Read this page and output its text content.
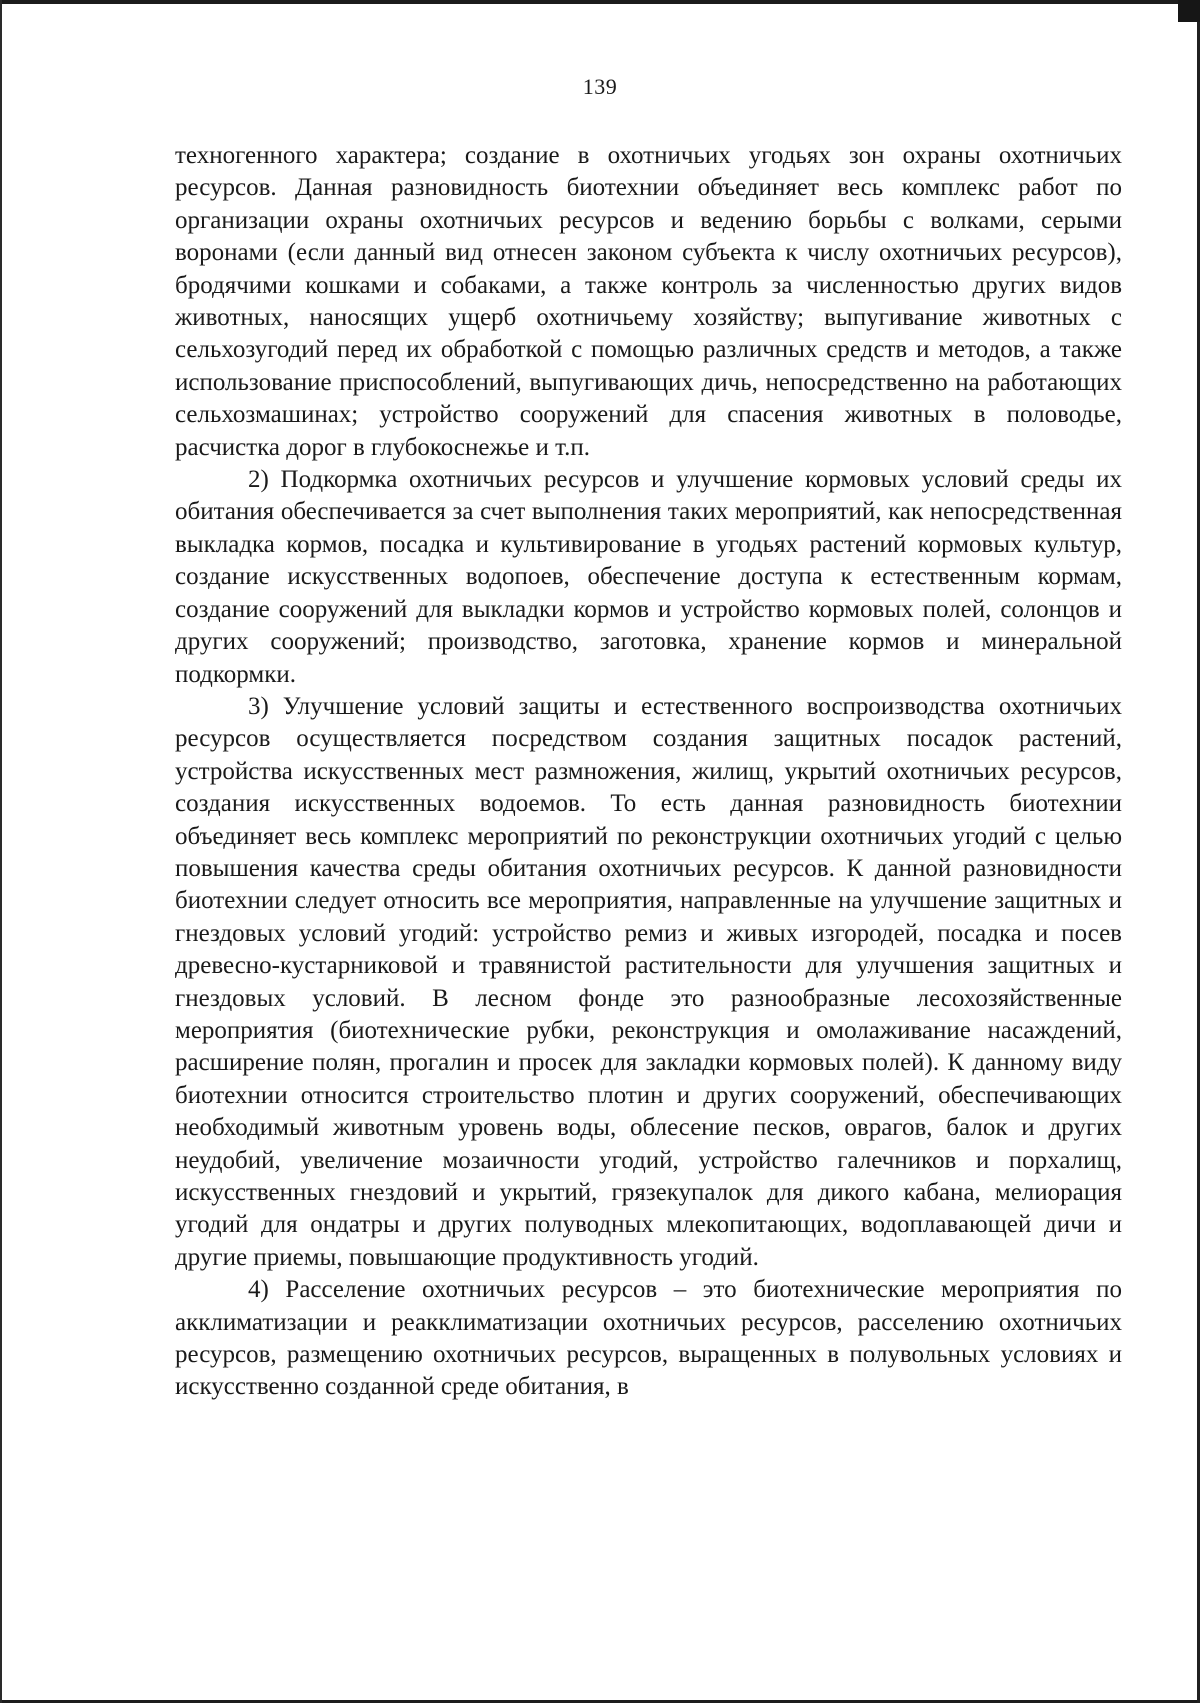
139

техногенного характера; создание в охотничьих угодьях зон охраны охотничьих ресурсов. Данная разновидность биотехнии объединяет весь комплекс работ по организации охраны охотничьих ресурсов и ведению борьбы с волками, серыми воронами (если данный вид отнесен законом субъекта к числу охотничьих ресурсов), бродячими кошками и собаками, а также контроль за численностью других видов животных, наносящих ущерб охотничьему хозяйству; выпугивание животных с сельхозугодий перед их обработкой с помощью различных средств и методов, а также использование приспособлений, выпугивающих дичь, непосредственно на работающих сельхозмашинах; устройство сооружений для спасения животных в половодье, расчистка дорог в глубокоснежье и т.п.

2) Подкормка охотничьих ресурсов и улучшение кормовых условий среды их обитания обеспечивается за счет выполнения таких мероприятий, как непосредственная выкладка кормов, посадка и культивирование в угодьях растений кормовых культур, создание искусственных водопоев, обеспечение доступа к естественным кормам, создание сооружений для выкладки кормов и устройство кормовых полей, солонцов и других сооружений; производство, заготовка, хранение кормов и минеральной подкормки.

3) Улучшение условий защиты и естественного воспроизводства охотничьих ресурсов осуществляется посредством создания защитных посадок растений, устройства искусственных мест размножения, жилищ, укрытий охотничьих ресурсов, создания искусственных водоемов. То есть данная разновидность биотехнии объединяет весь комплекс мероприятий по реконструкции охотничьих угодий с целью повышения качества среды обитания охотничьих ресурсов. К данной разновидности биотехнии следует относить все мероприятия, направленные на улучшение защитных и гнездовых условий угодий: устройство ремиз и живых изгородей, посадка и посев древесно-кустарниковой и травянистой растительности для улучшения защитных и гнездовых условий. В лесном фонде это разнообразные лесохозяйственные мероприятия (биотехнические рубки, реконструкция и омолаживание насаждений, расширение полян, прогалин и просек для закладки кормовых полей). К данному виду биотехнии относится строительство плотин и других сооружений, обеспечивающих необходимый животным уровень воды, облесение песков, оврагов, балок и других неудобий, увеличение мозаичности угодий, устройство галечников и порхалищ, искусственных гнездовий и укрытий, грязекупалок для дикого кабана, мелиорация угодий для ондатры и других полуводных млекопитающих, водоплавающей дичи и другие приемы, повышающие продуктивность угодий.

4) Расселение охотничьих ресурсов – это биотехнические мероприятия по акклиматизации и реакклиматизации охотничьих ресурсов, расселению охотничьих ресурсов, размещению охотничьих ресурсов, выращенных в полувольных условиях и искусственно созданной среде обитания, в
